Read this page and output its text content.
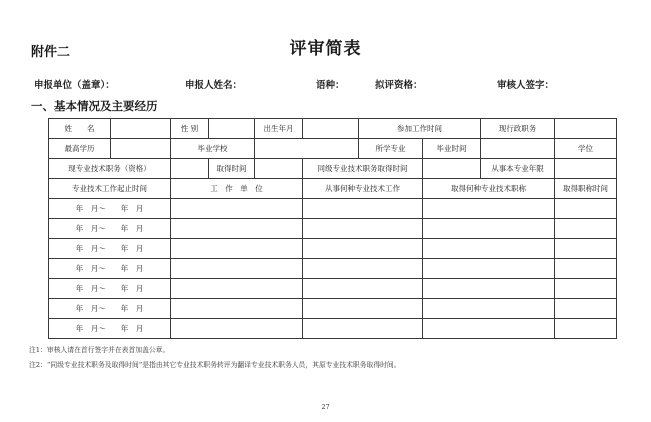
附件二	评审简表
申报单位（盖章）：	申报人姓名：	语种：	拟评资格：	审核人签字：
一、基本情况及主要经历
姓　　名		性 别		出生年月		参加工作时间		现行政职务	
最高学历		毕业学校				所学专业	毕业时间		学位
现专业技术职务（资格）			取得时间		同级专业技术职务取得时间			从事本专业年限	
专业技术工作起止时间		工　作　单　位			从事何种专业技术工作		取得何种专业技术职称		取得职称时间
年　月～　　年　月									
年　月～　　年　月									
年　月～　　年　月									
年　月～　　年　月									
年　月～　　年　月									
年　月～　　年　月									
年　月～　　年　月									
注1：审核人请在首行签字并在表首加盖公章。
注2：“同级专业技术职务及取得时间”是指由其它专业技术职务转评为翻译专业技术职务人员，其原专业技术职务取得时间。
27
